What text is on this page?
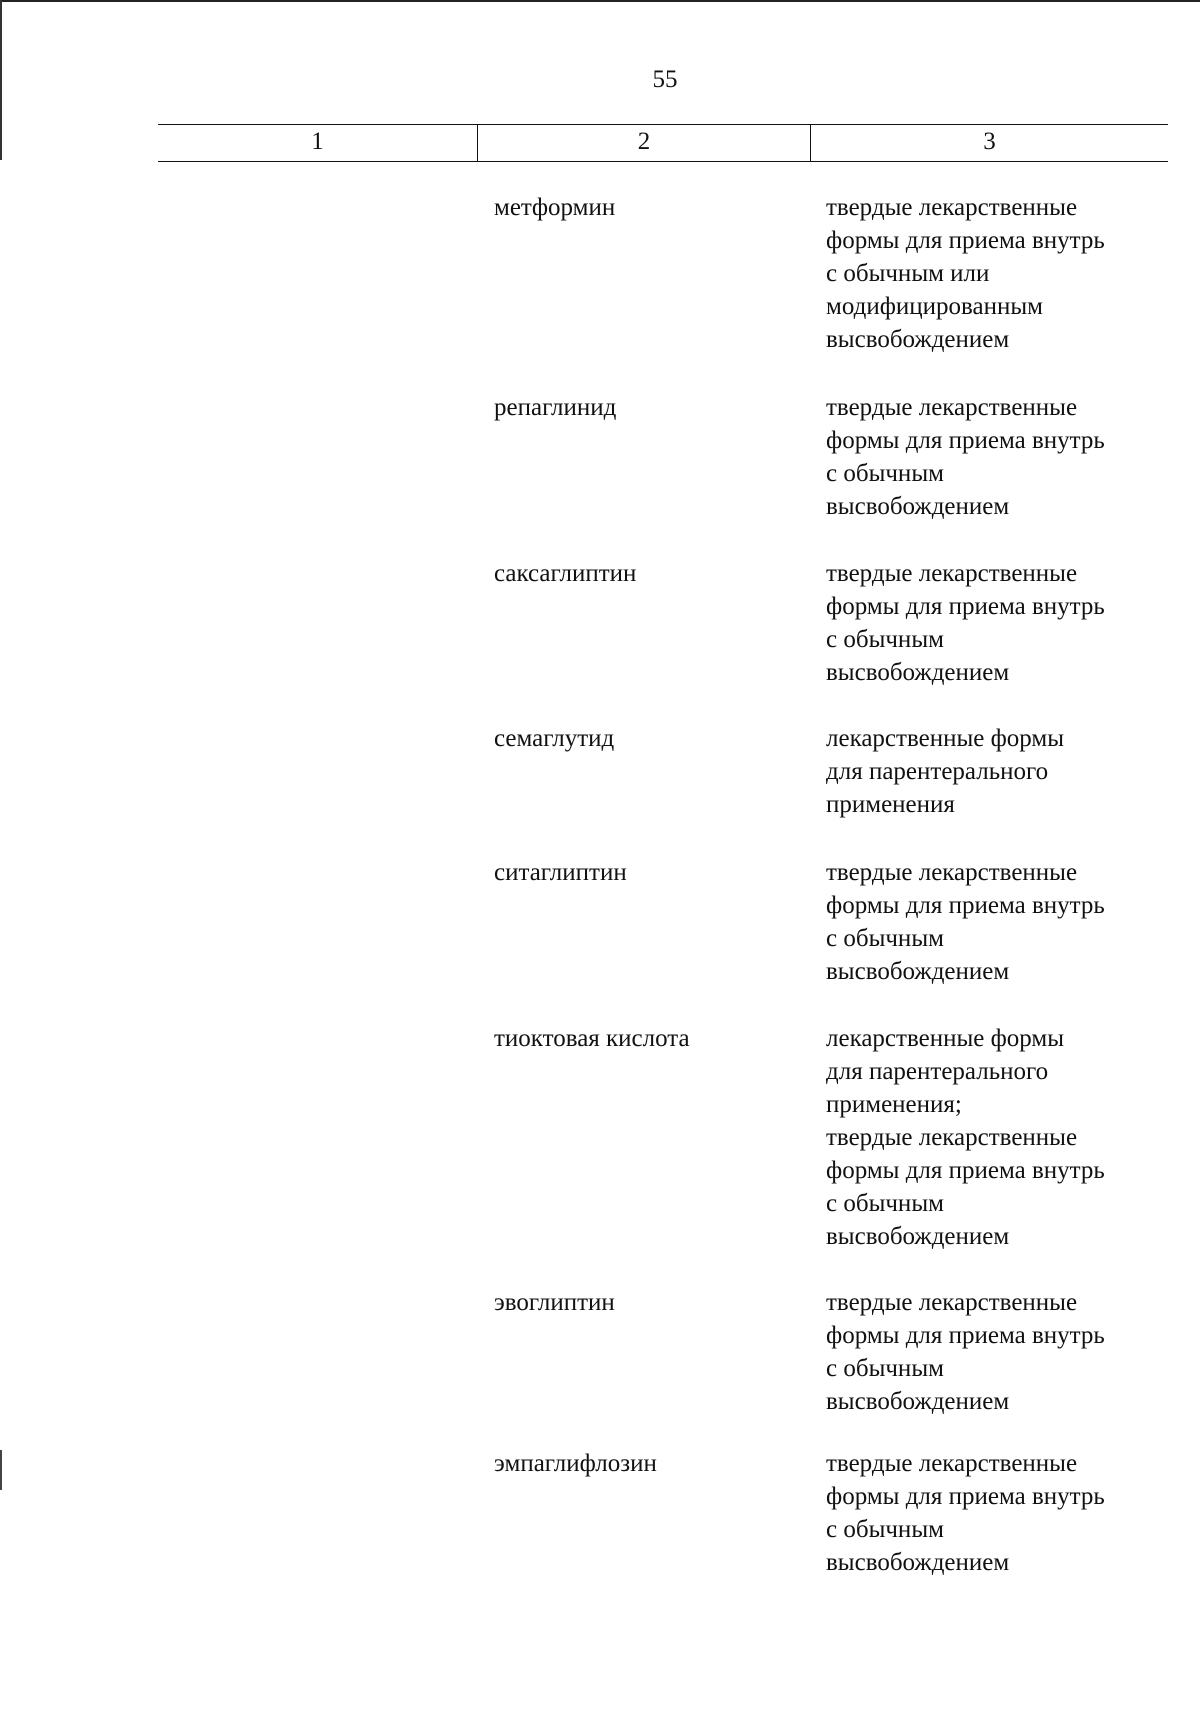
55
1	2	3
метформин	твердые лекарственные
формы для приема внутрь
с обычным или
модифицированным
высвобождением
репаглинид	твердые лекарственные
формы для приема внутрь
с обычным
высвобождением
саксаглиптин	твердые лекарственные
формы для приема внутрь
с обычным
высвобождением
семаглутид	лекарственные формы
для парентерального
применения
ситаглиптин	твердые лекарственные
формы для приема внутрь
с обычным
высвобождением
тиоктовая кислота	лекарственные формы
для парентерального
применения;
твердые лекарственные
формы для приема внутрь
с обычным
высвобождением
эвоглиптин	твердые лекарственные
формы для приема внутрь
с обычным
высвобождением
эмпаглифлозин	твердые лекарственные
формы для приема внутрь
с обычным
высвобождением
